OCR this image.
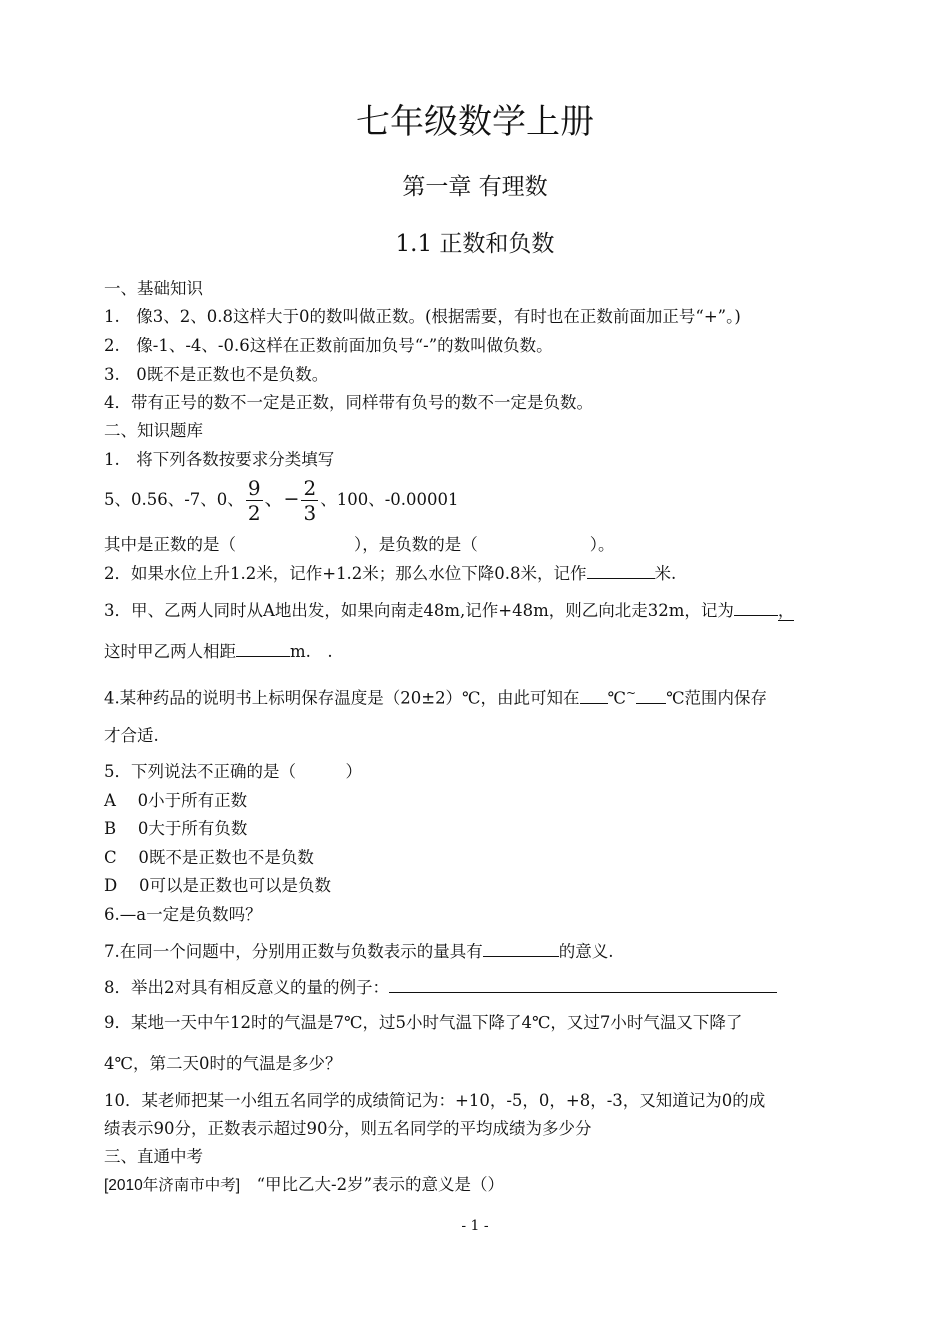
七年级数学上册
第一章 有理数
1.1 正数和负数
一、基础知识
1.　像3、2、0.8这样大于0的数叫做正数。(根据需要，有时也在正数前面加正号“+”。)
2.　像-1、-4、-0.6这样在正数前面加负号“-”的数叫做负数。
3.　0既不是正数也不是负数。
4．带有正号的数不一定是正数，同样带有负号的数不一定是负数。
二、知识题库
1.　将下列各数按要求分类填写
5、0.56、-7、0、 $\frac{9}{2}$ 、− $\frac{2}{3}$ 、100、-0.00001
其中是正数的是（	），是负数的是（	）。
2．如果水位上升1.2米，记作+1.2米；那么水位下降0.8米，记作	米.
3．甲、乙两人同时从A地出发，如果向南走48m,记作+48m，则乙向北走32m，记为	，
这时甲乙两人相距	m.　.
4.某种药品的说明书上标明保存温度是（20±2）℃，由此可知在 ℃~ ℃范围内保存
才合适.
5．下列说法不正确的是（　　　）
A　 0小于所有正数
B　 0大于所有负数
C　 0既不是正数也不是负数
D　 0可以是正数也可以是负数
6.—a一定是负数吗？
7.在同一个问题中，分别用正数与负数表示的量具有	的意义.
8．举出2对具有相反意义的量的例子：
9．某地一天中午12时的气温是7℃，过5小时气温下降了4℃，又过7小时气温又下降了
4℃，第二天0时的气温是多少？
10．某老师把某一小组五名同学的成绩简记为：+10，-5，0，+8，-3，又知道记为0的成
绩表示90分，正数表示超过90分，则五名同学的平均成绩为多少分
三、直通中考
[2010年济南市中考]　“甲比乙大-2岁”表示的意义是（）
- 1 -
